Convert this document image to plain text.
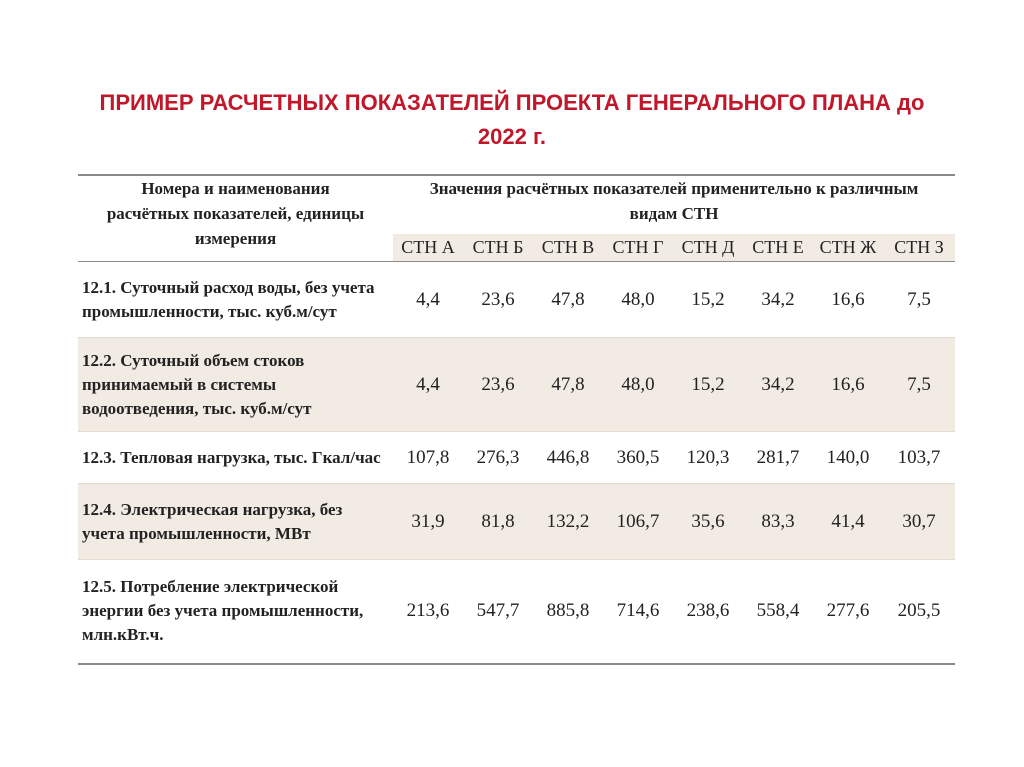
ПРИМЕР РАСЧЕТНЫХ ПОКАЗАТЕЛЕЙ ПРОЕКТА ГЕНЕРАЛЬНОГО ПЛАНА до
2022 г.
Номера и наименования расчётных показателей, единицы измерения	Значения расчётных показателей применительно к различным видам СТН							

	СТН А	СТН Б	СТН В	СТН Г	СТН Д	СТН Е	СТН Ж	СТН З
12.1. Суточный расход воды, без учета промышленности, тыс. куб.м/сут	4,4	23,6	47,8	48,0	15,2	34,2	16,6	7,5
12.2. Суточный объем стоков принимаемый в системы водоотведения, тыс. куб.м/сут	4,4	23,6	47,8	48,0	15,2	34,2	16,6	7,5
12.3. Тепловая нагрузка, тыс. Гкал/час	107,8	276,3	446,8	360,5	120,3	281,7	140,0	103,7
12.4. Электрическая нагрузка, без учета промышленности, МВт	31,9	81,8	132,2	106,7	35,6	83,3	41,4	30,7
12.5. Потребление электрической энергии без учета промышленности, млн.кВт.ч.	213,6	547,7	885,8	714,6	238,6	558,4	277,6	205,5
